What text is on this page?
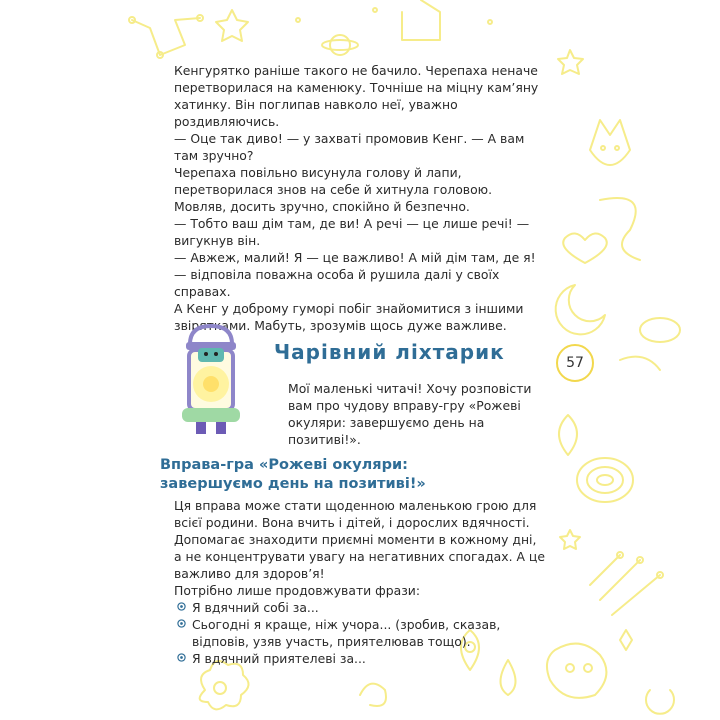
Кенгурятко раніше такого не бачило. Черепаха неначе перетворилася на каменюку. Точніше на міцну кам’яну хатинку. Він поглипав навколо неї, уважно роздивляючись.

— Оце так диво! — у захваті промовив Кенг. — А вам там зручно?

Черепаха повільно висунула голову й лапи, перетворилася знов на себе й хитнула головою. Мовляв, досить зручно, спокійно й безпечно.

— Тобто ваш дім там, де ви! А речі — це лише речі! — вигукнув він.

— Авжеж, малий! Я — це важливо! А мій дім там, де я! — відповіла поважна особа й рушила далі у своїх справах.

А Кенг у доброму гуморі побіг знайомитися з іншими звірятками. Мабуть, зрозумів щось дуже важливе.

Чарівний ліхтарик	57

Мої маленькі читачі! Хочу розповісти вам про чудову вправу-гру «Рожеві окуляри: завершуємо день на позитиві!».

Вправа-гра «Рожеві окуляри:
завершуємо день на позитиві!»

Ця вправа може стати щоденною маленькою грою для всієї родини. Вона вчить і дітей, і дорослих вдячності. Допомагає знаходити приємні моменти в кожному дні, а не концентрувати увагу на негативних спогадах. А це важливо для здоров’я!

Потрібно лише продовжувати фрази:

Я вдячний собі за...
Сьогодні я краще, ніж учора... (зробив, сказав, відповів, узяв участь, приятелював тощо).
Я вдячний приятелеві за...
